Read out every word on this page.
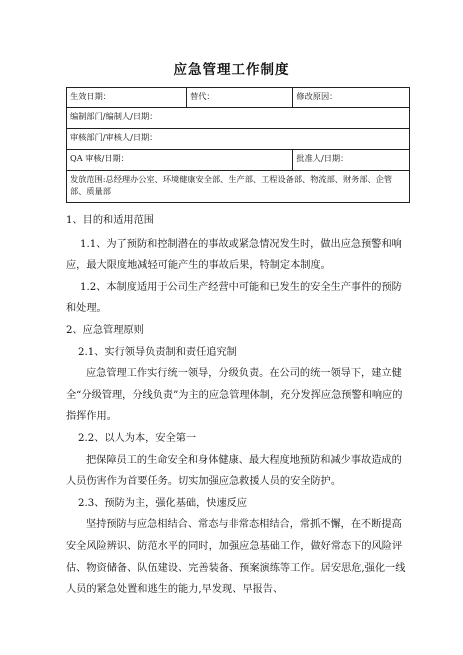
应急管理工作制度
生效日期：	替代：	修改原因：
编制部门/编制人/日期：		
审核部门/审核人/日期：		
QA 审核/日期：		批准人/日期：
发放范围:总经理办公室、环境健康安全部、生产部、工程设备部、物流部、财务部、企管部、质量部		

1、目的和适用范围

1.1、为了预防和控制潜在的事故或紧急情况发生时，做出应急预警和响应，最大限度地减轻可能产生的事故后果，特制定本制度。

1.2、本制度适用于公司生产经营中可能和已发生的安全生产事件的预防和处理。

2、应急管理原则

2.1、实行领导负责制和责任追究制

应急管理工作实行统一领导，分级负责。在公司的统一领导下，建立健全“分级管理，分线负责”为主的应急管理体制，充分发挥应急预警和响应的指挥作用。

2.2、以人为本，安全第一

把保障员工的生命安全和身体健康、最大程度地预防和减少事故造成的人员伤害作为首要任务。切实加强应急救援人员的安全防护。

2.3、预防为主，强化基础，快速反应

坚持预防与应急相结合、常态与非常态相结合，常抓不懈，在不断提高安全风险辨识、防范水平的同时，加强应急基础工作，做好常态下的风险评估、物资储备、队伍建设、完善装备、预案演练等工作。居安思危,强化一线人员的紧急处置和逃生的能力,早发现、早报告、
